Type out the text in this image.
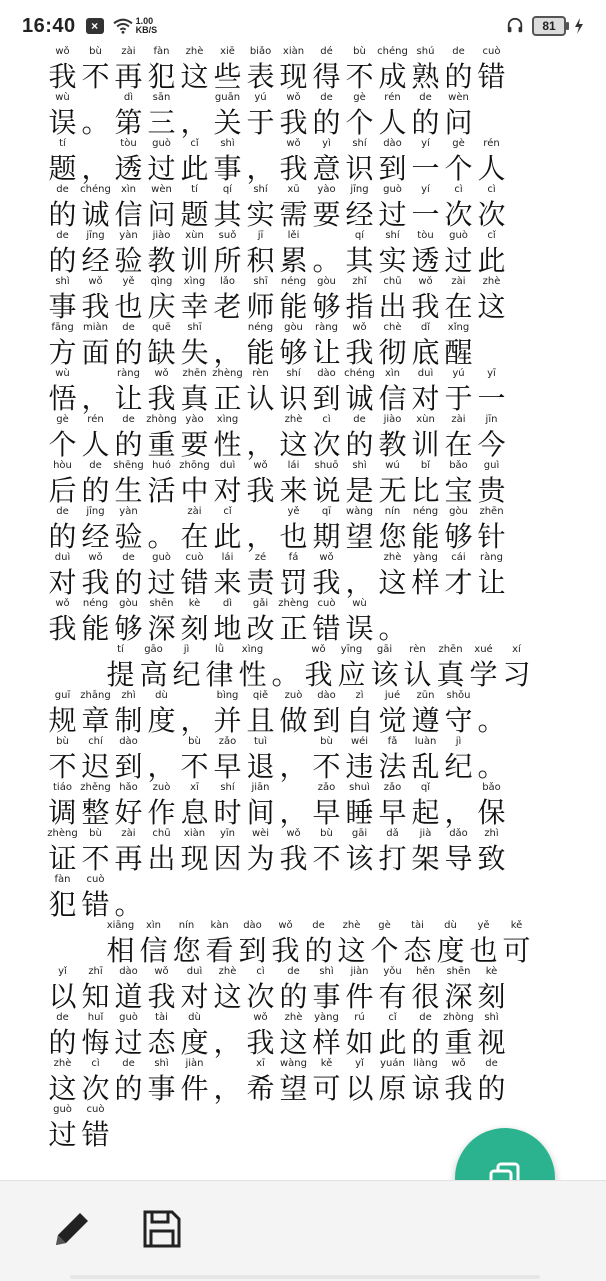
16:40	×	1.00
KB/S	81
wǒ
我
bù
不
zài
再
fàn
犯
zhè
这
xiē
些
biǎo
表
xiàn
现
dé
得
bù
不
chéng
成
shú
熟
de
的
cuò
错
wù
误 。
dì
第
sān
三 ，
guān
关
yú
于
wǒ
我
de
的
gè
个
rén
人
de
的
wèn
问
tí
题 ，
tòu
透
guò
过
cǐ
此
shì
事 ，
wǒ
我
yì
意
shí
识
dào
到
yí
一
gè
个
rén
人
de
的
chéng
诚
xìn
信
wèn
问
tí
题
qí
其
shí
实
xū
需
yào
要
jīng
经
guò
过
yí
一
cì
次
cì
次
de
的
jīng
经
yàn
验
jiào
教
xùn
训
suǒ
所
jī
积
lěi
累 。
qí
其
shí
实
tòu
透
guò
过
cǐ
此
shì
事
wǒ
我
yě
也
qìng
庆
xìng
幸
lǎo
老
shī
师
néng
能
gòu
够
zhǐ
指
chū
出
wǒ
我
zài
在
zhè
这
fāng
方
miàn
面
de
的
quē
缺
shī
失 ，
néng
能
gòu
够
ràng
让
wǒ
我
chè
彻
dǐ
底
xǐng
醒
wù
悟 ，
ràng
让
wǒ
我
zhēn
真
zhèng
正
rèn
认
shí
识
dào
到
chéng
诚
xìn
信
duì
对
yú
于
yī
一
gè
个
rén
人
de
的
zhòng
重
yào
要
xìng
性 ，
zhè
这
cì
次
de
的
jiào
教
xùn
训
zài
在
jīn
今
hòu
后
de
的
shēng
生
huó
活
zhōng
中
duì
对
wǒ
我
lái
来
shuō
说
shì
是
wú
无
bǐ
比
bǎo
宝
guì
贵
de
的
jīng
经
yàn
验 。
zài
在
cǐ
此 ，
yě
也
qī
期
wàng
望
nín
您
néng
能
gòu
够
zhēn
针
duì
对
wǒ
我
de
的
guò
过
cuò
错
lái
来
zé
责
fá
罚
wǒ
我 ，
zhè
这
yàng
样
cái
才
ràng
让
wǒ
我
néng
能
gòu
够
shēn
深
kè
刻
dì
地
gǎi
改
zhèng
正
cuò
错
wù
误 。
tí
提
gāo
高
jì
纪
lǜ
律
xìng
性 。
wǒ
我
yīng
应
gāi
该
rèn
认
zhēn
真
xué
学
xí
习
guī
规
zhāng
章
zhì
制
dù
度 ，
bìng
并
qiě
且
zuò
做
dào
到
zì
自
jué
觉
zūn
遵
shǒu
守 。
bù
不
chí
迟
dào
到 ，
bù
不
zǎo
早
tuì
退 ，
bù
不
wéi
违
fǎ
法
luàn
乱
jì
纪 。
tiáo
调
zhěng
整
hǎo
好
zuò
作
xī
息
shí
时
jiān
间 ，
zǎo
早
shuì
睡
zǎo
早
qǐ
起 ，
bǎo
保
zhèng
证
bù
不
zài
再
chū
出
xiàn
现
yīn
因
wèi
为
wǒ
我
bù
不
gāi
该
dǎ
打
jià
架
dǎo
导
zhì
致
fàn
犯
cuò
错 。
xiāng
相
xìn
信
nín
您
kàn
看
dào
到
wǒ
我
de
的
zhè
这
gè
个
tài
态
dù
度
yě
也
kě
可
yǐ
以
zhī
知
dào
道
wǒ
我
duì
对
zhè
这
cì
次
de
的
shì
事
jiàn
件
yǒu
有
hěn
很
shēn
深
kè
刻
de
的
huǐ
悔
guò
过
tài
态
dù
度 ，
wǒ
我
zhè
这
yàng
样
rú
如
cǐ
此
de
的
zhòng
重
shì
视
zhè
这
cì
次
de
的
shì
事
jiàn
件 ，
xī
希
wàng
望
kě
可
yǐ
以
yuán
原
liàng
谅
wǒ
我
de
的
guò
过
cuò
错
